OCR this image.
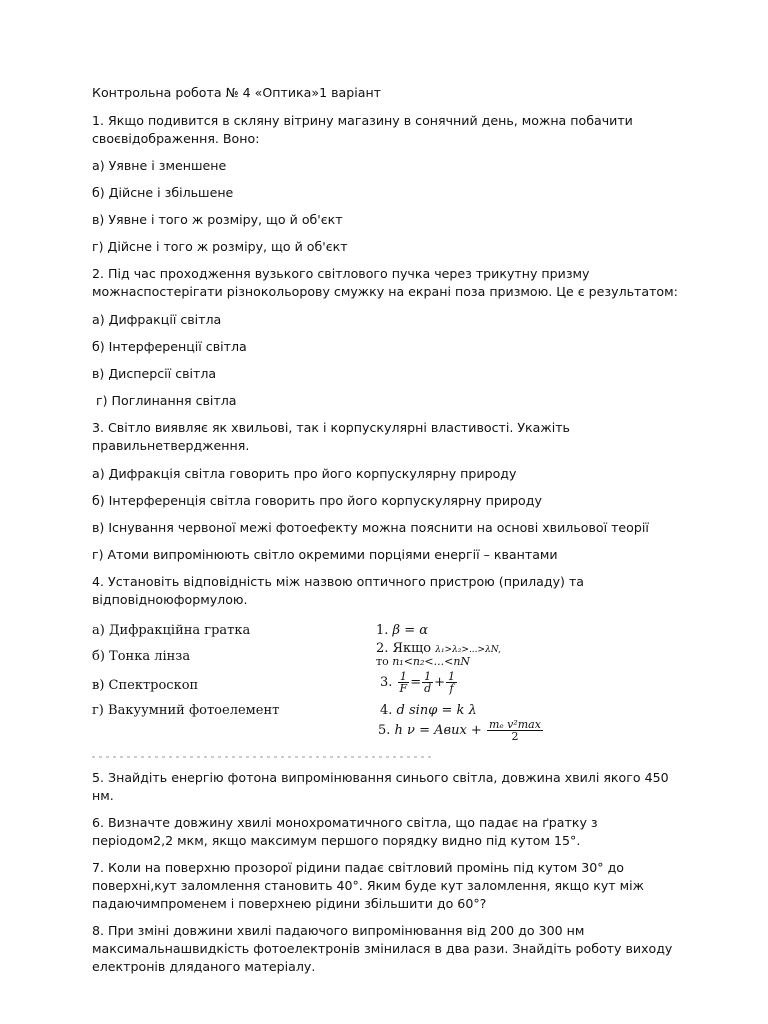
Контрольна робота № 4 «Оптика»1 варіант

1. Якщо подивится в скляну вітрину магазину в сонячний день, можна побачити своєвідображення. Воно:

а) Уявне і зменшене

б) Дійсне і збільшене

в) Уявне і того ж розміру, що й об'єкт

г) Дійсне і того ж розміру, що й об'єкт

2. Під час проходження вузького світлового пучка через трикутну призму можнаспостерігати різнокольорову смужку на екрані поза призмою. Це є результатом:

а) Дифракції світла

б) Інтерференції світла

в) Дисперсії світла

г) Поглинання світла

3. Світло виявляє як хвильові, так і корпускулярні властивості. Укажіть правильнетвердження.

а) Дифракція світла говорить про його корпускулярну природу

б) Інтерференція світла говорить про його корпускулярну природу

в) Існування червоної межі фотоефекту можна пояснити на основі хвильової теорії

г) Атоми випромінюють світло окремими порціями енергії – квантами

4. Установіть відповідність між назвою оптичного пристрою (приладу) та відповідноюформулою.

а) Дифракційна гратка
б) Тонка лінза
в) Спектроскоп
г) Вакуумний фотоелемент
1. β = α
2. Якщо λ₁>λ₂>...>λN,
то n₁<n₂<...<nN
3. $\frac{1}{F} = \frac{1}{d} + \frac{1}{f}$
4. d sinφ = k λ
5. h ν = Aвих + $\frac{\text{mₑ v²max}}{2}$

5. Знайдіть енергію фотона випромінювання синього світла, довжина хвилі якого 450 нм.

6. Визначте довжину хвилі монохроматичного світла, що падає на ґратку з періодом2,2 мкм, якщо максимум першого порядку видно під кутом 15°.

7. Коли на поверхню прозорої рідини падає світловий промінь під кутом 30° до поверхні,кут заломлення становить 40°. Яким буде кут заломлення, якщо кут між падаючимпроменем і поверхнею рідини збільшити до 60°?

8. При зміні довжини хвилі падаючого випромінювання від 200 до 300 нм максимальнашвидкість фотоелектронів змінилася в два рази. Знайдіть роботу виходу електронів дляданого матеріалу.
